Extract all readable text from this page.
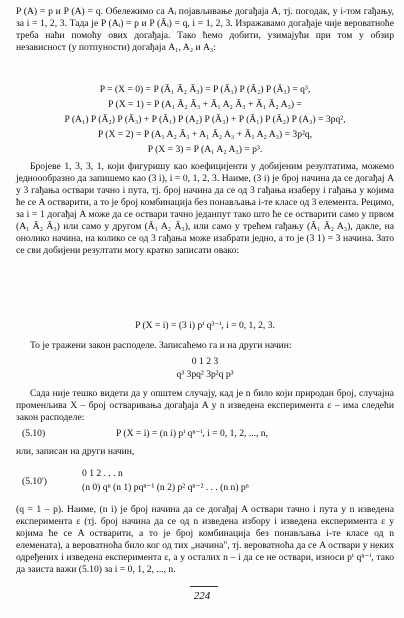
P (A) = p и P (A) = q. Обележимо са Aᵢ појављивање догађаја A, тј. погодак, у i-том гађању, за i = 1, 2, 3. Тада је P (Aᵢ) = p и P (Āᵢ) = q, i = 1, 2, 3. Изражавамо догађаје чије вероватноће треба наћи помоћу ових догађаја. Тако ћемо добити, узимајући при том у обзир независност (у потпуности) догађаја A₁, A₂ и A₃:

P = (X = 0) = P (Ā₁ Ā₂ Ā₃) = P (Ā₁) P (Ā₂) P (Ā₃) = q³,
P (X = 1) = P (A₁ Ā₂ Ā₃ + Ā₁ A₂ Ā₃ + Ā₁ Ā₂ A₃) =
P (A₁) P (Ā₂) P (Ā₃) + P (Ā₁) P (A₂) P (Ā₃) + P (Ā₁) P (Ā₂) P (A₃) = 3pq²,
P (X = 2) = P (A₁ A₂ Ā₃ + A₁ Ā₂ A₃ + Ā₁ A₂ A₃) = 3p²q,
P (X = 3) = P (A₁ A₂ A₃) = p³.

Бројеве 1, 3, 3, 1, који фигуришу као коефицијенти у добијеним резултатима, можемо једноообразно да запишемо као (3 i), i = 0, 1, 2, 3. Наиме, (3 i) је број начина да се догађај A у 3 гађања оствари тачно i пута, тј. број начина да се од 3 гађања изаберу i гађања у којима ће се A остварити, а то је број комбинација без понављања i-те класе од 3 елемента. Рецимо, за i = 1 догађај A може да се оствари тачно једанпут тако што ће се остварити само у првом (A₁ Ā₂ Ā₃) или само у другом (Ā₁ A₂ Ā₃), или само у трећем гађању (Ā₁ Ā₂ A₃), дакле, на онолико начина, на колико се од 3 гађања може изабрати једно, а то је (3 1) = 3 начина. Зато се сви добијени резултати могу кратко записати овако:

P (X = i) = (3 i) pⁱ q³⁻ⁱ, i = 0, 1, 2, 3.

То је тражени закон расподеле. Записаћемо га и на други начин:

0 1 2 3
q³ 3pq² 3p²q p³

Сада није тешко видети да у општем случају, кад је n било који природан број, случајна променљива X – број остваривања догађаја A у n изведена експеримента ε – има следећи закон расподеле:

(5.10)	P (X = i) = (n i) pⁱ qⁿ⁻ⁱ, i = 0, 1, 2, ..., n,

или, записан на други начин,

(5.10')
0 1 2 . . . n
(n 0) qⁿ (n 1) pqⁿ⁻¹ (n 2) p² qⁿ⁻² . . . (n n) pⁿ

(q = 1 – p). Наиме, (n i) је број начина да се догађај A оствари тачно i пута у n изведена експеримента ε (тј. број начина да се од n изведена избору i изведена експеримента ε у којима ће се A остварити, а то је број комбинација без понављања i-те класе од n елемената), а вероватноћа било ког од тих „начина", тј. вероватноћа да се A оствари у неких одређених i изведена експеримента ε, а у осталих n – i да се не оствари, износи pⁱ qⁿ⁻ⁱ, тако да заиста важи (5.10) за i = 0, 1, 2, ..., n.

224
